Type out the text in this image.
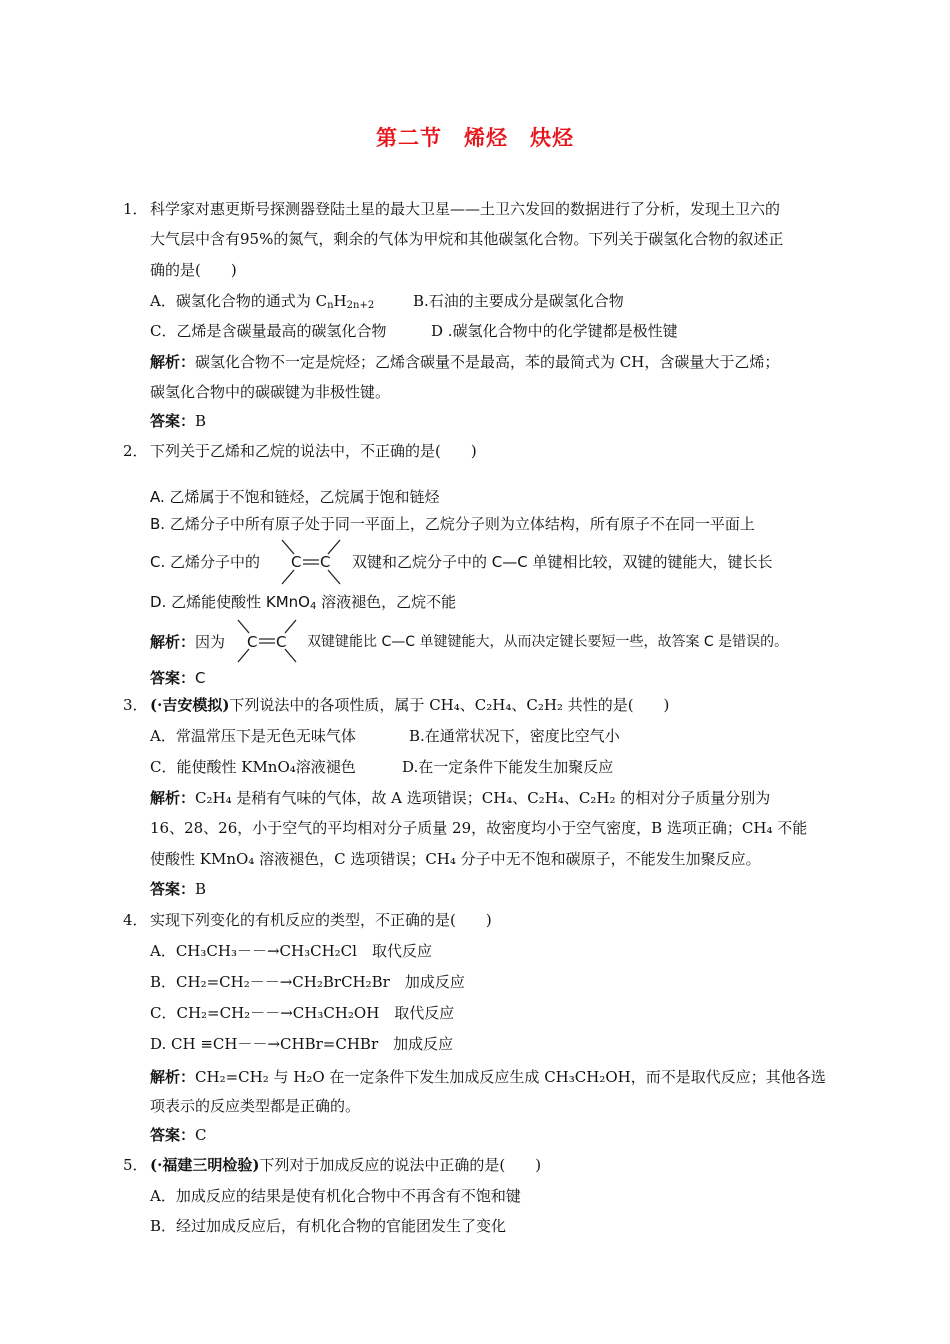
第二节 烯烃 炔烃
1． 科学家对惠更斯号探测器登陆土星的最大卫星——土卫六发回的数据进行了分析，发现土卫六的
大气层中含有95%的氮气，剩余的气体为甲烷和其他碳氢化合物。下列关于碳氢化合物的叙述正
确的是(　　)
A．碳氢化合物的通式为 $C_nH_{2n+2}$	B.石油的主要成分是碳氢化合物
C．乙烯是含碳量最高的碳氢化合物	D .碳氢化合物中的化学键都是极性键
解析：碳氢化合物不一定是烷烃；乙烯含碳量不是最高，苯的最简式为 CH，含碳量大于乙烯；
碳氢化合物中的碳碳键为非极性键。
答案：B
2． 下列关于乙烯和乙烷的说法中，不正确的是(　　)
A. 乙烯属于不饱和链烃，乙烷属于饱和链烃
B. 乙烯分子中所有原子处于同一平面上，乙烷分子则为立体结构，所有原子不在同一平面上
C. 乙烯分子中的 C C 双键和乙烷分子中的 C—C 单键相比较，双键的键能大，键长长
D. 乙烯能使酸性 KMnO$_4$ 溶液褪色，乙烷不能
解析：因为 C C 双键键能比 C—C 单键键能大，从而决定键长要短一些，故答案 C 是错误的。
答案：C
3． (·吉安模拟)下列说法中的各项性质，属于 CH₄、C₂H₄、C₂H₂ 共性的是(　　)
A．常温常压下是无色无味气体	B.在通常状况下，密度比空气小
C．能使酸性 KMnO₄溶液褪色	D.在一定条件下能发生加聚反应
解析：C₂H₄ 是稍有气味的气体，故 A 选项错误；CH₄、C₂H₄、C₂H₂ 的相对分子质量分别为
16、28、26，小于空气的平均相对分子质量 29，故密度均小于空气密度，B 选项正确；CH₄ 不能
使酸性 KMnO₄ 溶液褪色，C 选项错误；CH₄ 分子中无不饱和碳原子，不能发生加聚反应。
答案：B
4． 实现下列变化的有机反应的类型，不正确的是(　　)
A．CH₃CH₃－－→CH₃CH₂Cl　取代反应
B．CH₂=CH₂－－→CH₂BrCH₂Br　加成反应
C．CH₂=CH₂－－→CH₃CH₂OH　取代反应
D. CH ≡CH－－→CHBr=CHBr　加成反应
解析：CH₂=CH₂ 与 H₂O 在一定条件下发生加成反应生成 CH₃CH₂OH，而不是取代反应；其他各选
项表示的反应类型都是正确的。
答案：C
5． (·福建三明检验)下列对于加成反应的说法中正确的是(　　)
A．加成反应的结果是使有机化合物中不再含有不饱和键
B．经过加成反应后，有机化合物的官能团发生了变化
